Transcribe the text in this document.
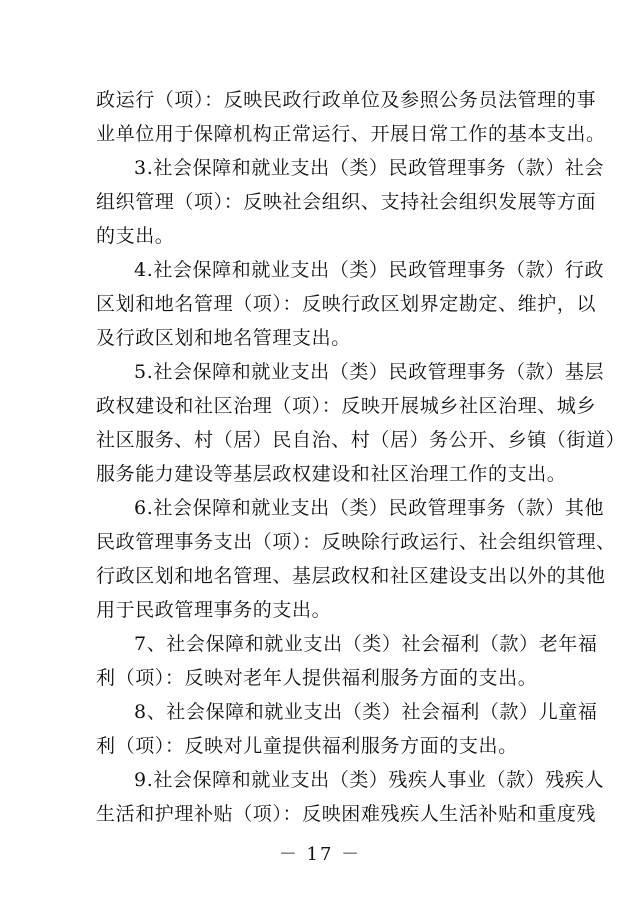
政运行（项）：反映民政行政单位及参照公务员法管理的事
业单位用于保障机构正常运行、开展日常工作的基本支出。
3.社会保障和就业支出（类）民政管理事务（款）社会
组织管理（项）：反映社会组织、支持社会组织发展等方面
的支出。
4.社会保障和就业支出（类）民政管理事务（款）行政
区划和地名管理（项）：反映行政区划界定勘定、维护，以
及行政区划和地名管理支出。
5.社会保障和就业支出（类）民政管理事务（款）基层
政权建设和社区治理（项）：反映开展城乡社区治理、城乡
社区服务、村（居）民自治、村（居）务公开、乡镇（街道）
服务能力建设等基层政权建设和社区治理工作的支出。
6.社会保障和就业支出（类）民政管理事务（款）其他
民政管理事务支出（项）：反映除行政运行、社会组织管理、
行政区划和地名管理、基层政权和社区建设支出以外的其他
用于民政管理事务的支出。
7、社会保障和就业支出（类）社会福利（款）老年福
利（项）：反映对老年人提供福利服务方面的支出。
8、社会保障和就业支出（类）社会福利（款）儿童福
利（项）：反映对儿童提供福利服务方面的支出。
9.社会保障和就业支出（类）残疾人事业（款）残疾人
生活和护理补贴（项）：反映困难残疾人生活补贴和重度残
－ 17 －
